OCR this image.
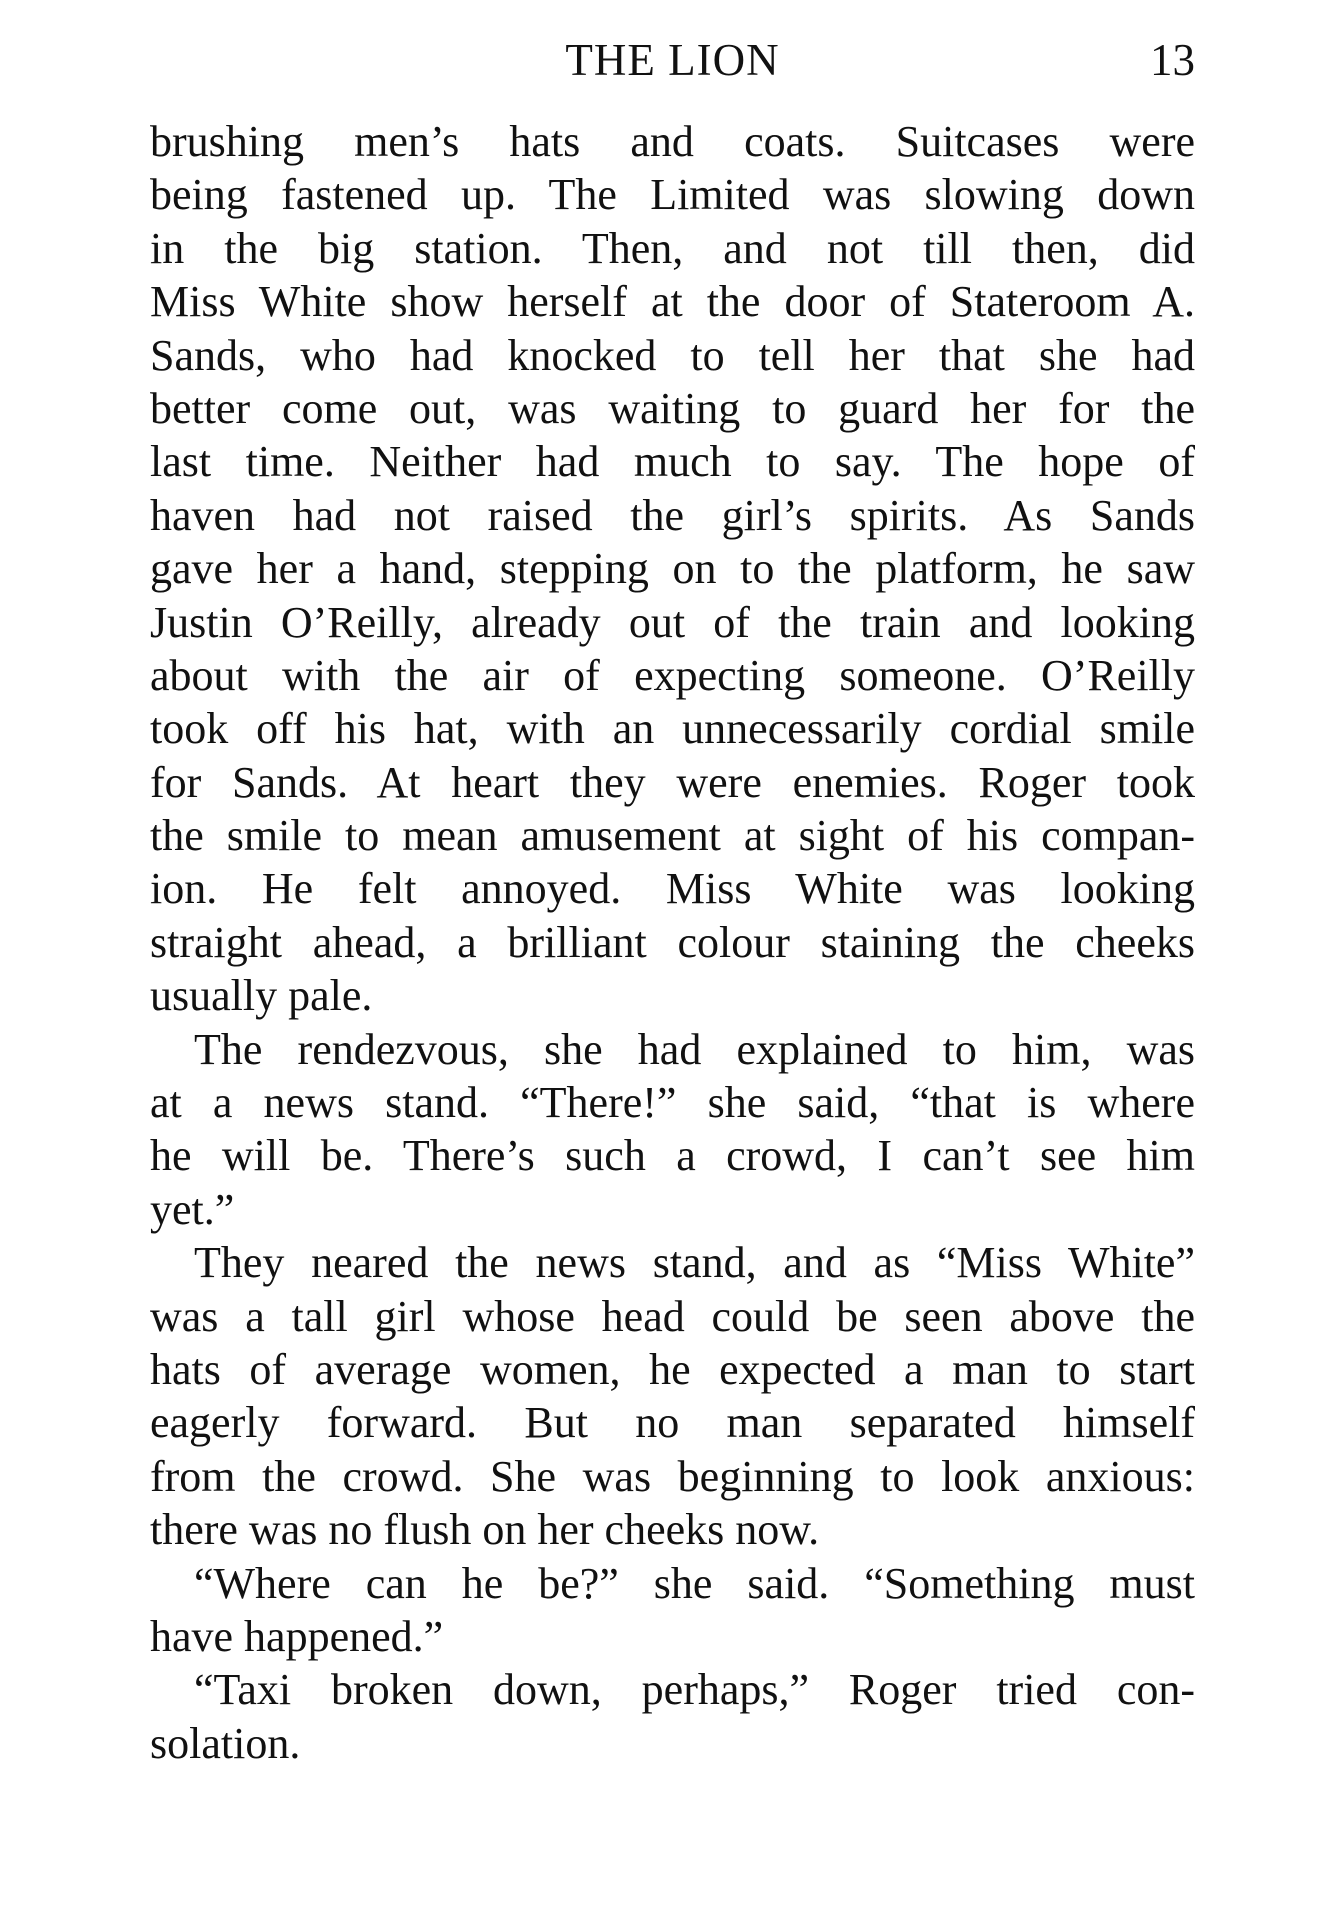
THE LION	13
brushing men’s hats and coats. Suitcases were
being fastened up. The Limited was slowing down
in the big station. Then, and not till then, did
Miss White show herself at the door of Stateroom A.
Sands, who had knocked to tell her that she had
better come out, was waiting to guard her for the
last time. Neither had much to say. The hope of
haven had not raised the girl’s spirits. As Sands
gave her a hand, stepping on to the platform, he saw
Justin O’Reilly, already out of the train and looking
about with the air of expecting someone. O’Reilly
took off his hat, with an unnecessarily cordial smile
for Sands. At heart they were enemies. Roger took
the smile to mean amusement at sight of his compan-
ion. He felt annoyed. Miss White was looking
straight ahead, a brilliant colour staining the cheeks
usually pale.
The rendezvous, she had explained to him, was
at a news stand. “There!” she said, “that is where
he will be. There’s such a crowd, I can’t see him
yet.”
They neared the news stand, and as “Miss White”
was a tall girl whose head could be seen above the
hats of average women, he expected a man to start
eagerly forward. But no man separated himself
from the crowd. She was beginning to look anxious:
there was no flush on her cheeks now.
“Where can he be?” she said. “Something must
have happened.”
“Taxi broken down, perhaps,” Roger tried con-
solation.
